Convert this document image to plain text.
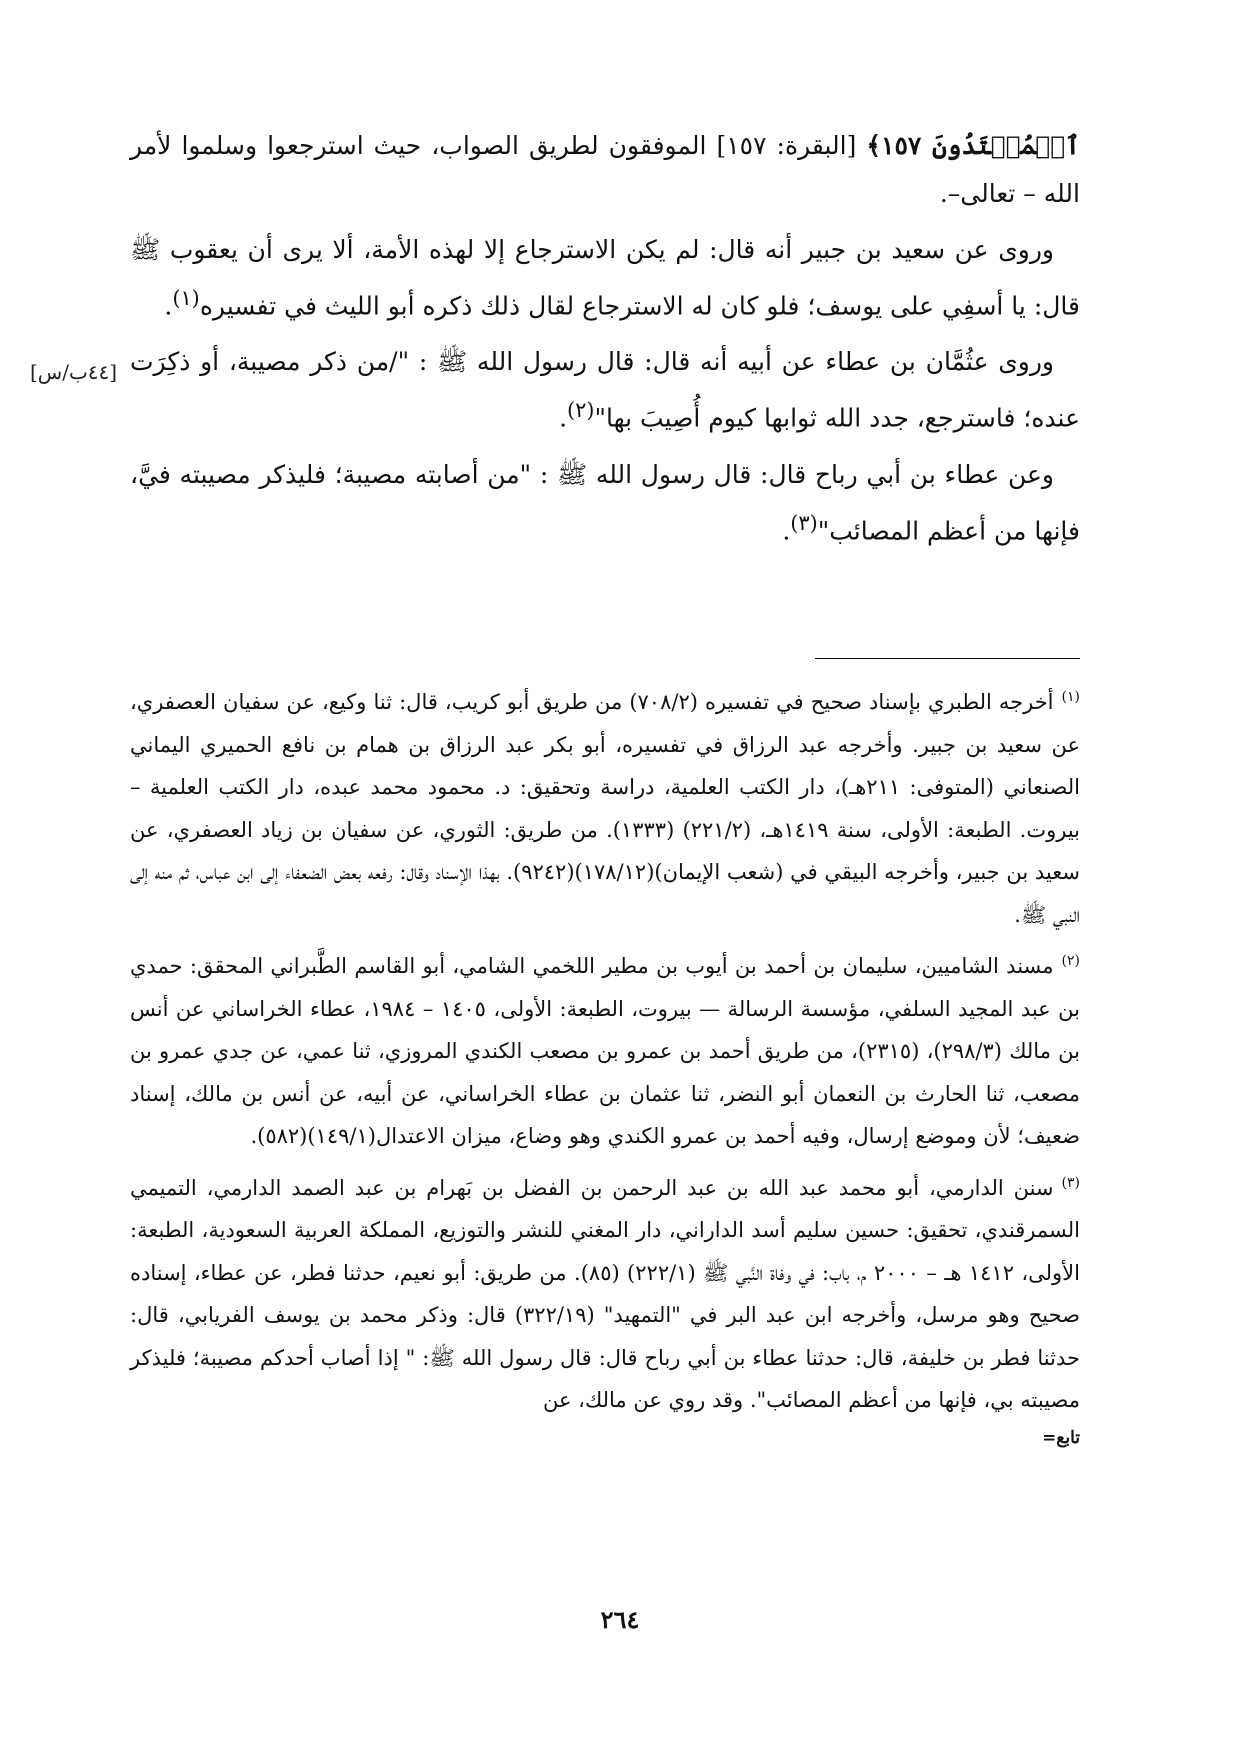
ٱلۡمُهۡتَدُونَ ١٥٧﴾ [البقرة: ١٥٧] الموفقون لطريق الصواب، حيث استرجعوا وسلموا لأمر الله – تعالى–.

وروى عن سعيد بن جبير أنه قال: لم يكن الاسترجاع إلا لهذه الأمة، ألا يرى أن يعقوب ﷺ قال: يا أسفِي على يوسف؛ فلو كان له الاسترجاع لقال ذلك ذكره أبو الليث في تفسيره$^{(١)}$.

وروى عثُمَّان بن عطاء عن أبيه أنه قال: قال رسول الله ﷺ : "/من ذكر مصيبة، أو ذكِرَت عنده؛ فاسترجع، جدد الله ثوابها كيوم أُصِيبَ بها"$^{(٢)}$.

وعن عطاء بن أبي رباح قال: قال رسول الله ﷺ : "من أصابته مصيبة؛ فليذكر مصيبته فيَّ، فإنها من أعظم المصائب"$^{(٣)}$.

[٤٤ب/س]

$^{(١)}$أخرجه الطبري بإسناد صحيح في تفسيره (٧٠٨/٢) من طريق أبو كريب، قال: ثنا وكيع، عن سفيان العصفري، عن سعيد بن جبير. وأخرجه عبد الرزاق في تفسيره، أبو بكر عبد الرزاق بن همام بن نافع الحميري اليماني الصنعاني (المتوفى: ٢١١هـ)، دار الكتب العلمية، دراسة وتحقيق: د. محمود محمد عبده، دار الكتب العلمية – بيروت. الطبعة: الأولى، سنة ١٤١٩هـ، (٢٢١/٢) (١٣٣٣). من طريق: الثوري، عن سفيان بن زياد العصفري، عن سعيد بن جبير، وأخرجه البيقي في (شعب الإيمان)(١٧٨/١٢)(٩٢٤٢). بهذا الإسناد وقال: رفعه بعض الضعفاء إلى ابن عباس، ثم منه إلى النبي ﷺ.

$^{(٢)}$مسند الشاميين، سليمان بن أحمد بن أيوب بن مطير اللخمي الشامي، أبو القاسم الطَّبراني المحقق: حمدي بن عبد المجيد السلفي، مؤسسة الرسالة — بيروت، الطبعة: الأولى، ١٤٠٥ – ١٩٨٤، عطاء الخراساني عن أنس بن مالك (٢٩٨/٣)، (٢٣١٥)، من طريق أحمد بن عمرو بن مصعب الكندي المروزي، ثنا عمي، عن جدي عمرو بن مصعب، ثنا الحارث بن النعمان أبو النضر، ثنا عثمان بن عطاء الخراساني، عن أبيه، عن أنس بن مالك، إسناد ضعيف؛ لأن وموضع إرسال، وفيه أحمد بن عمرو الكندي وهو وضاع، ميزان الاعتدال(١٤٩/١)(٥٨٢).

$^{(٣)}$سنن الدارمي، أبو محمد عبد الله بن عبد الرحمن بن الفضل بن بَهرام بن عبد الصمد الدارمي، التميمي السمرقندي، تحقيق: حسين سليم أسد الداراني، دار المغني للنشر والتوزيع، المملكة العربية السعودية، الطبعة: الأولى، ١٤١٢ هـ – ٢٠٠٠ م، باب: في وفاة النَّبي ﷺ (٢٢٢/١) (٨٥). من طريق: أبو نعيم، حدثنا فطر، عن عطاء، إسناده صحيح وهو مرسل، وأخرجه ابن عبد البر في "التمهيد" (٣٢٢/١٩) قال: وذكر محمد بن يوسف الفريابي، قال: حدثنا فطر بن خليفة، قال: حدثنا عطاء بن أبي رباح قال: قال رسول الله ﷺ: " إذا أصاب أحدكم مصيبة؛ فليذكر مصيبته بي، فإنها من أعظم المصائب". وقد روي عن مالك، عن

تابع=

٢٦٤
